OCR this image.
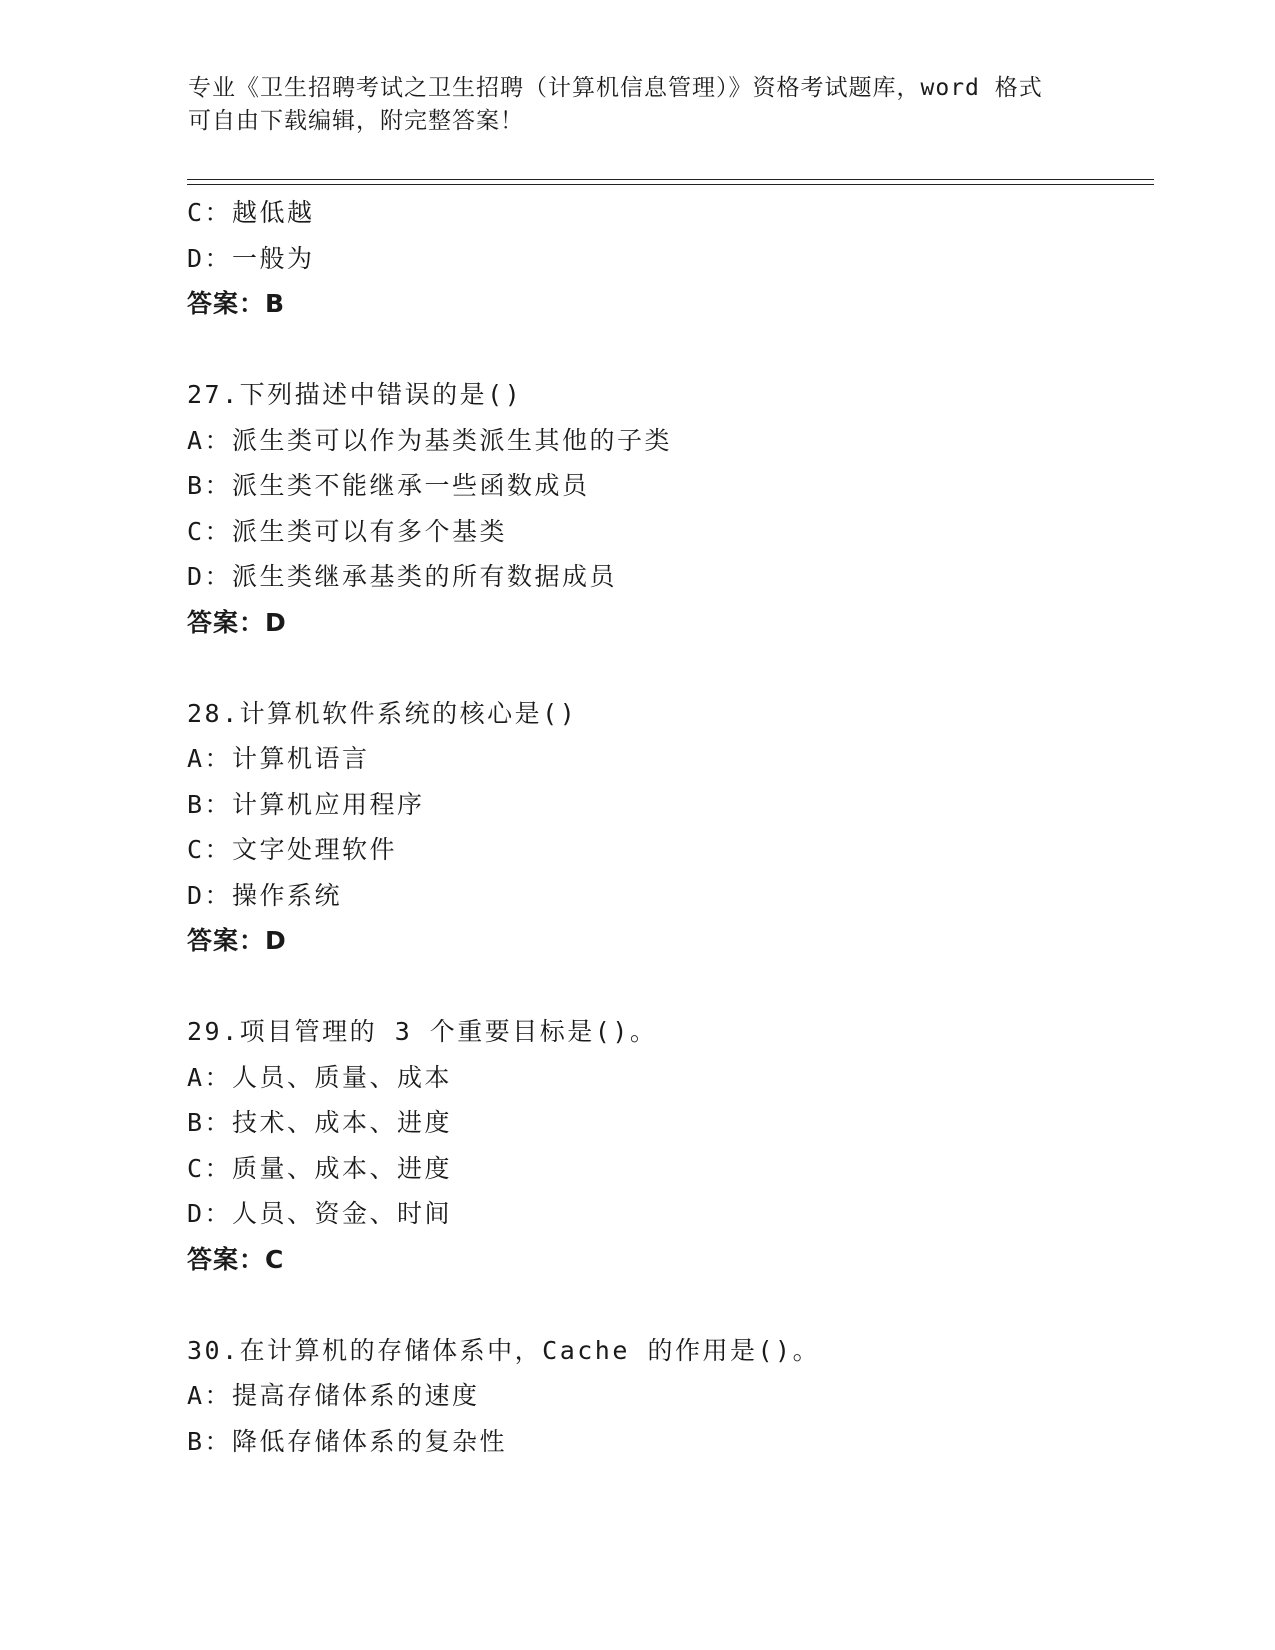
专业《卫生招聘考试之卫生招聘（计算机信息管理）》资格考试题库，word 格式
可自由下载编辑，附完整答案！
C：越低越
D：一般为
答案：B
27.下列描述中错误的是()
A：派生类可以作为基类派生其他的子类
B：派生类不能继承一些函数成员
C：派生类可以有多个基类
D：派生类继承基类的所有数据成员
答案：D
28.计算机软件系统的核心是()
A：计算机语言
B：计算机应用程序
C：文字处理软件
D：操作系统
答案：D
29.项目管理的 3 个重要目标是()。
A：人员、质量、成本
B：技术、成本、进度
C：质量、成本、进度
D：人员、资金、时间
答案：C
30.在计算机的存储体系中，Cache 的作用是()。
A：提高存储体系的速度
B：降低存储体系的复杂性
